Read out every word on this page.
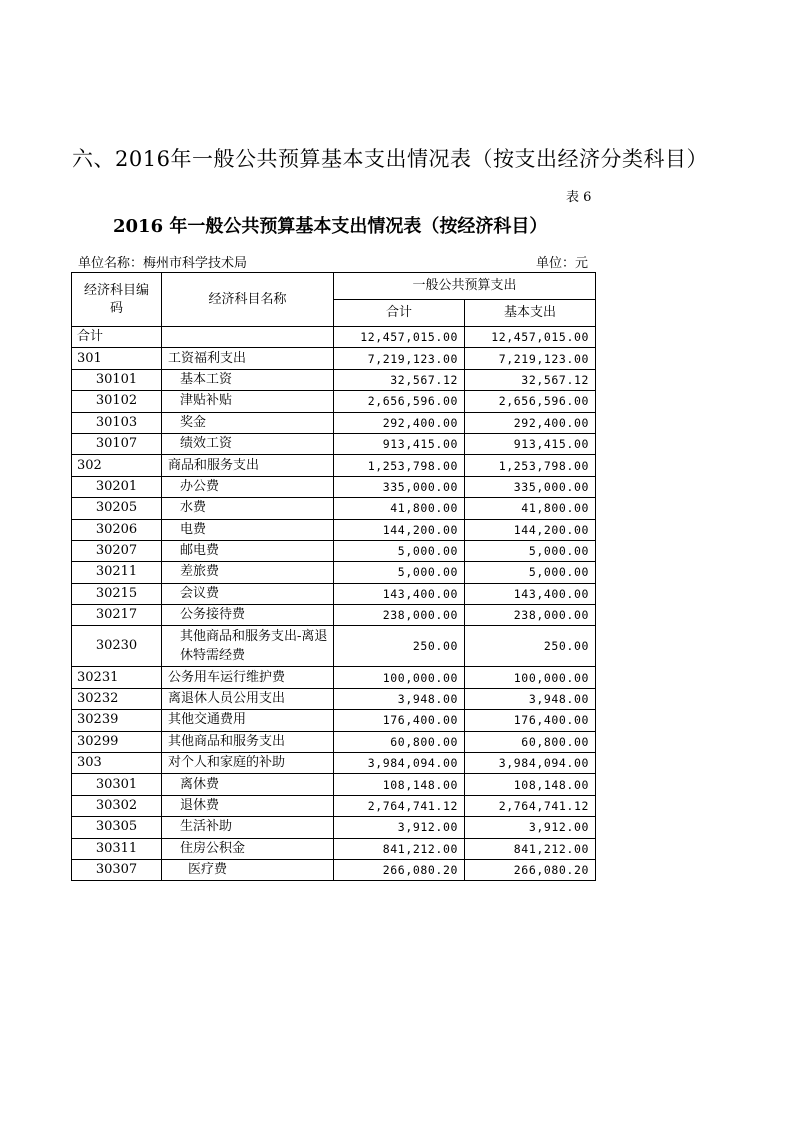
六、2016年一般公共预算基本支出情况表（按支出经济分类科目）
表 6
2016 年一般公共预算基本支出情况表（按经济科目）
单位名称：梅州市科学技术局	单位：元
经济科目编码	经济科目名称	一般公共预算支出	
		合计	基本支出
合计		12,457,015.00	12,457,015.00
301	工资福利支出	7,219,123.00	7,219,123.00
30101	基本工资	32,567.12	32,567.12
30102	津贴补贴	2,656,596.00	2,656,596.00
30103	奖金	292,400.00	292,400.00
30107	绩效工资	913,415.00	913,415.00
302	商品和服务支出	1,253,798.00	1,253,798.00
30201	办公费	335,000.00	335,000.00
30205	水费	41,800.00	41,800.00
30206	电费	144,200.00	144,200.00
30207	邮电费	5,000.00	5,000.00
30211	差旅费	5,000.00	5,000.00
30215	会议费	143,400.00	143,400.00
30217	公务接待费	238,000.00	238,000.00
30230	其他商品和服务支出-离退休特需经费	250.00	250.00
30231	公务用车运行维护费	100,000.00	100,000.00
30232	离退休人员公用支出	3,948.00	3,948.00
30239	其他交通费用	176,400.00	176,400.00
30299	其他商品和服务支出	60,800.00	60,800.00
303	对个人和家庭的补助	3,984,094.00	3,984,094.00
30301	离休费	108,148.00	108,148.00
30302	退休费	2,764,741.12	2,764,741.12
30305	生活补助	3,912.00	3,912.00
30311	住房公积金	841,212.00	841,212.00
30307	医疗费	266,080.20	266,080.20
